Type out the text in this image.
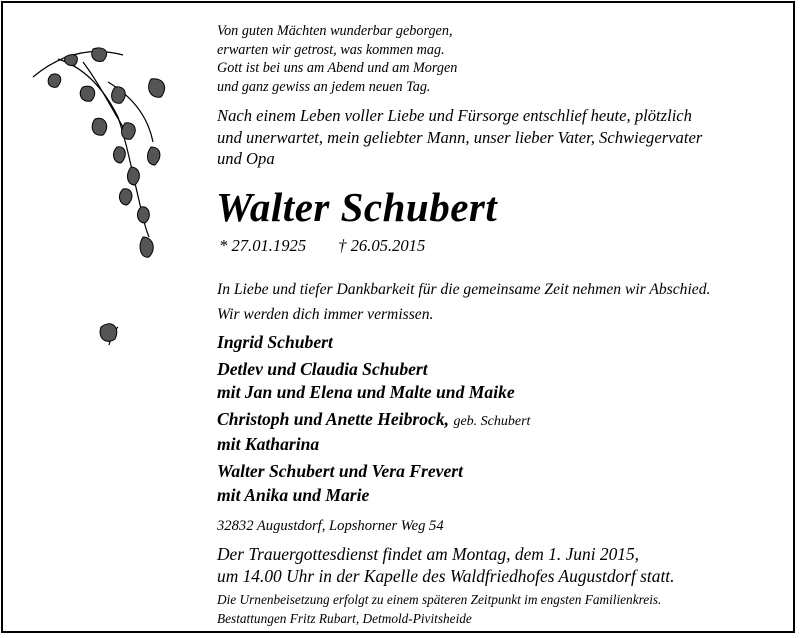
Von guten Mächten wunderbar geborgen,
erwarten wir getrost, was kommen mag.
Gott ist bei uns am Abend und am Morgen
und ganz gewiss an jedem neuen Tag.
Nach einem Leben voller Liebe und Fürsorge entschlief heute, plötzlich
und unerwartet, mein geliebter Mann, unser lieber Vater, Schwiegervater
und Opa
Walter Schubert
* 27.01.1925 † 26.05.2015
In Liebe und tiefer Dankbarkeit für die gemeinsame Zeit nehmen wir Abschied.
Wir werden dich immer vermissen.
Ingrid Schubert
Detlev und Claudia Schubert
mit Jan und Elena und Malte und Maike
Christoph und Anette Heibrock, geb. Schubert
mit Katharina
Walter Schubert und Vera Frevert
mit Anika und Marie
32832 Augustdorf, Lopshorner Weg 54
Der Trauergottesdienst findet am Montag, dem 1. Juni 2015,
um 14.00 Uhr in der Kapelle des Waldfriedhofes Augustdorf statt.
Die Urnenbeisetzung erfolgt zu einem späteren Zeitpunkt im engsten Familienkreis.
Bestattungen Fritz Rubart, Detmold-Pivitsheide
